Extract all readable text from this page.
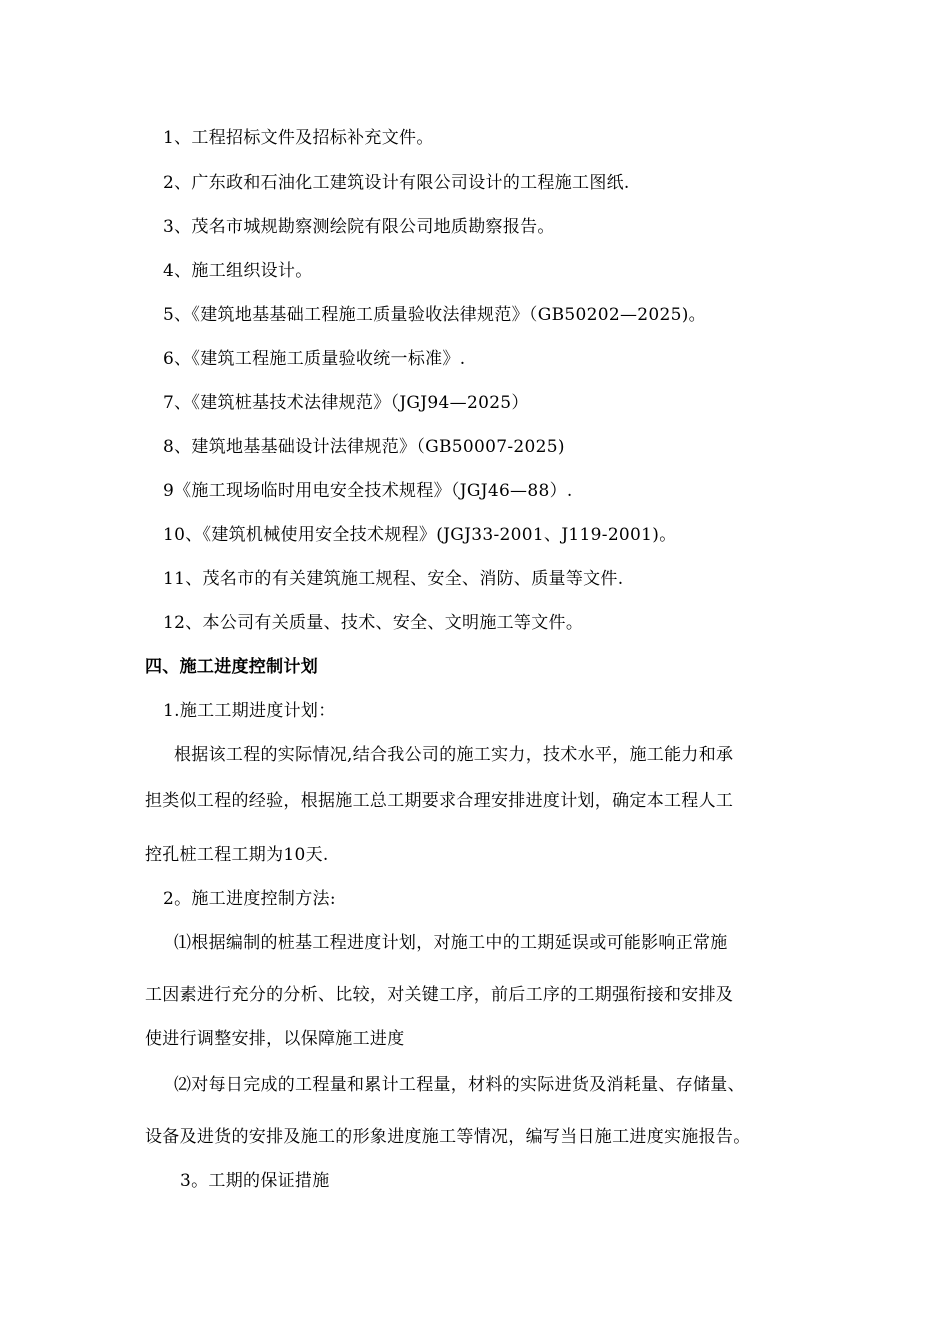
1、工程招标文件及招标补充文件。
2、广东政和石油化工建筑设计有限公司设计的工程施工图纸.
3、茂名市城规勘察测绘院有限公司地质勘察报告。
4、施工组织设计。
5、《建筑地基基础工程施工质量验收法律规范》（GB50202—2025)。
6、《建筑工程施工质量验收统一标准》.
7、《建筑桩基技术法律规范》（JGJ94—2025）
8、建筑地基基础设计法律规范》（GB50007-2025)
9《施工现场临时用电安全技术规程》（JGJ46—88）.
10、《建筑机械使用安全技术规程》(JGJ33-2001、J119-2001)。
11、茂名市的有关建筑施工规程、安全、消防、质量等文件.
12、本公司有关质量、技术、安全、文明施工等文件。
四、施工进度控制计划
1.施工工期进度计划：
根据该工程的实际情况,结合我公司的施工实力，技术水平，施工能力和承
担类似工程的经验，根据施工总工期要求合理安排进度计划，确定本工程人工
控孔桩工程工期为10天.
2。施工进度控制方法:
⑴根据编制的桩基工程进度计划，对施工中的工期延误或可能影响正常施
工因素进行充分的分析、比较，对关键工序，前后工序的工期强衔接和安排及
使进行调整安排，以保障施工进度
⑵对每日完成的工程量和累计工程量，材料的实际进货及消耗量、存储量、
设备及进货的安排及施工的形象进度施工等情况，编写当日施工进度实施报告。
3。工期的保证措施
